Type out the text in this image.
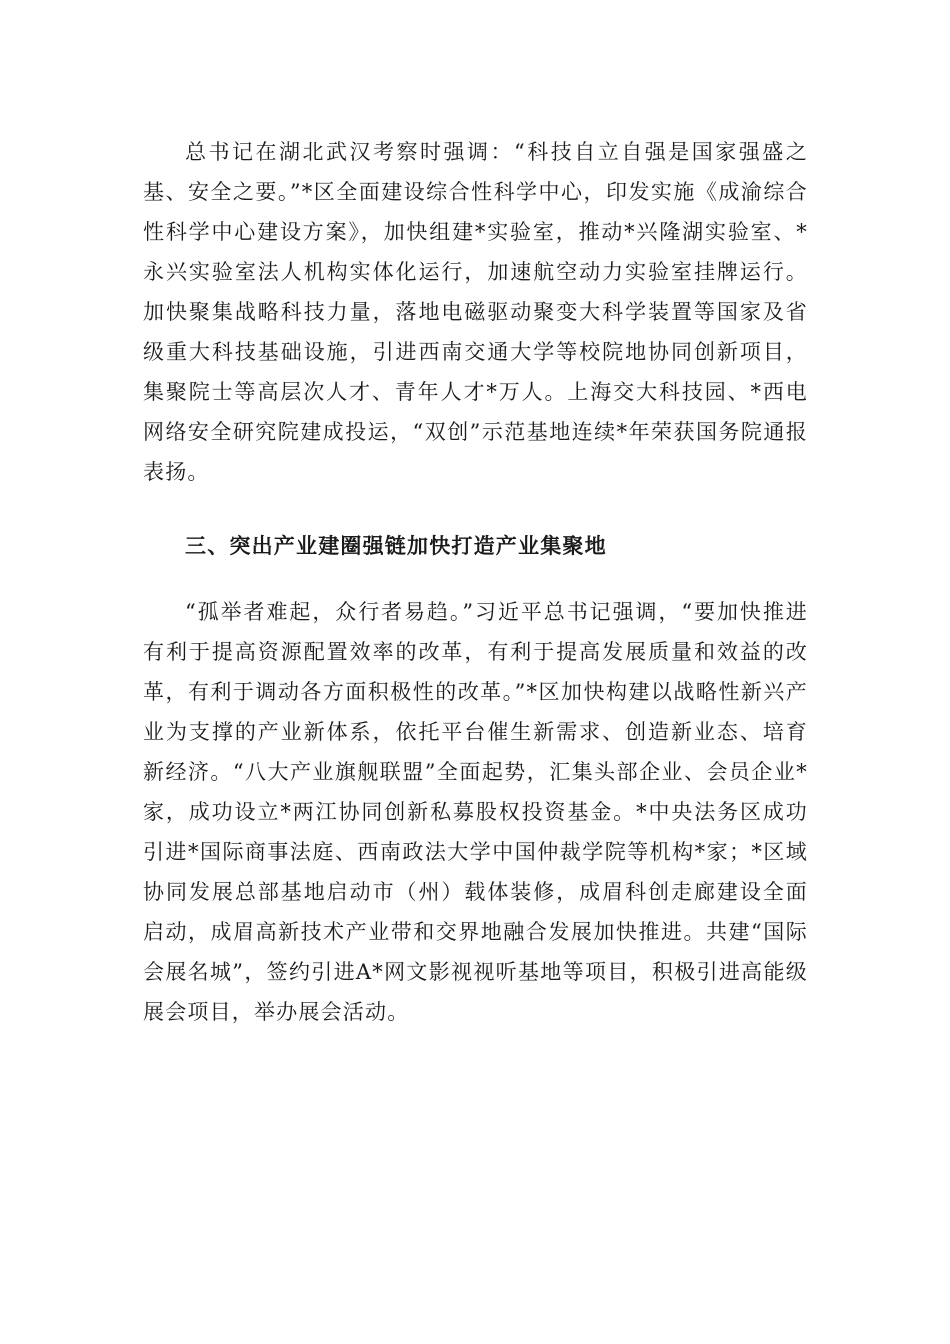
总书记在湖北武汉考察时强调：“科技自立自强是国家强盛之基、安全之要。”*区全面建设综合性科学中心，印发实施《成渝综合性科学中心建设方案》，加快组建*实验室，推动*兴隆湖实验室、*永兴实验室法人机构实体化运行，加速航空动力实验室挂牌运行。加快聚集战略科技力量，落地电磁驱动聚变大科学装置等国家及省级重大科技基础设施，引进西南交通大学等校院地协同创新项目，集聚院士等高层次人才、青年人才*万人。上海交大科技园、*西电网络安全研究院建成投运，“双创”示范基地连续*年荣获国务院通报表扬。

三、突出产业建圈强链加快打造产业集聚地

“孤举者难起，众行者易趋。”习近平总书记强调，“要加快推进有利于提高资源配置效率的改革，有利于提高发展质量和效益的改革，有利于调动各方面积极性的改革。”*区加快构建以战略性新兴产业为支撑的产业新体系，依托平台催生新需求、创造新业态、培育新经济。“八大产业旗舰联盟”全面起势，汇集头部企业、会员企业*家，成功设立*两江协同创新私募股权投资基金。*中央法务区成功引进*国际商事法庭、西南政法大学中国仲裁学院等机构*家；*区域协同发展总部基地启动市（州）载体装修，成眉科创走廊建设全面启动，成眉高新技术产业带和交界地融合发展加快推进。共建“国际会展名城”，签约引进A*网文影视视听基地等项目，积极引进高能级展会项目，举办展会活动。
